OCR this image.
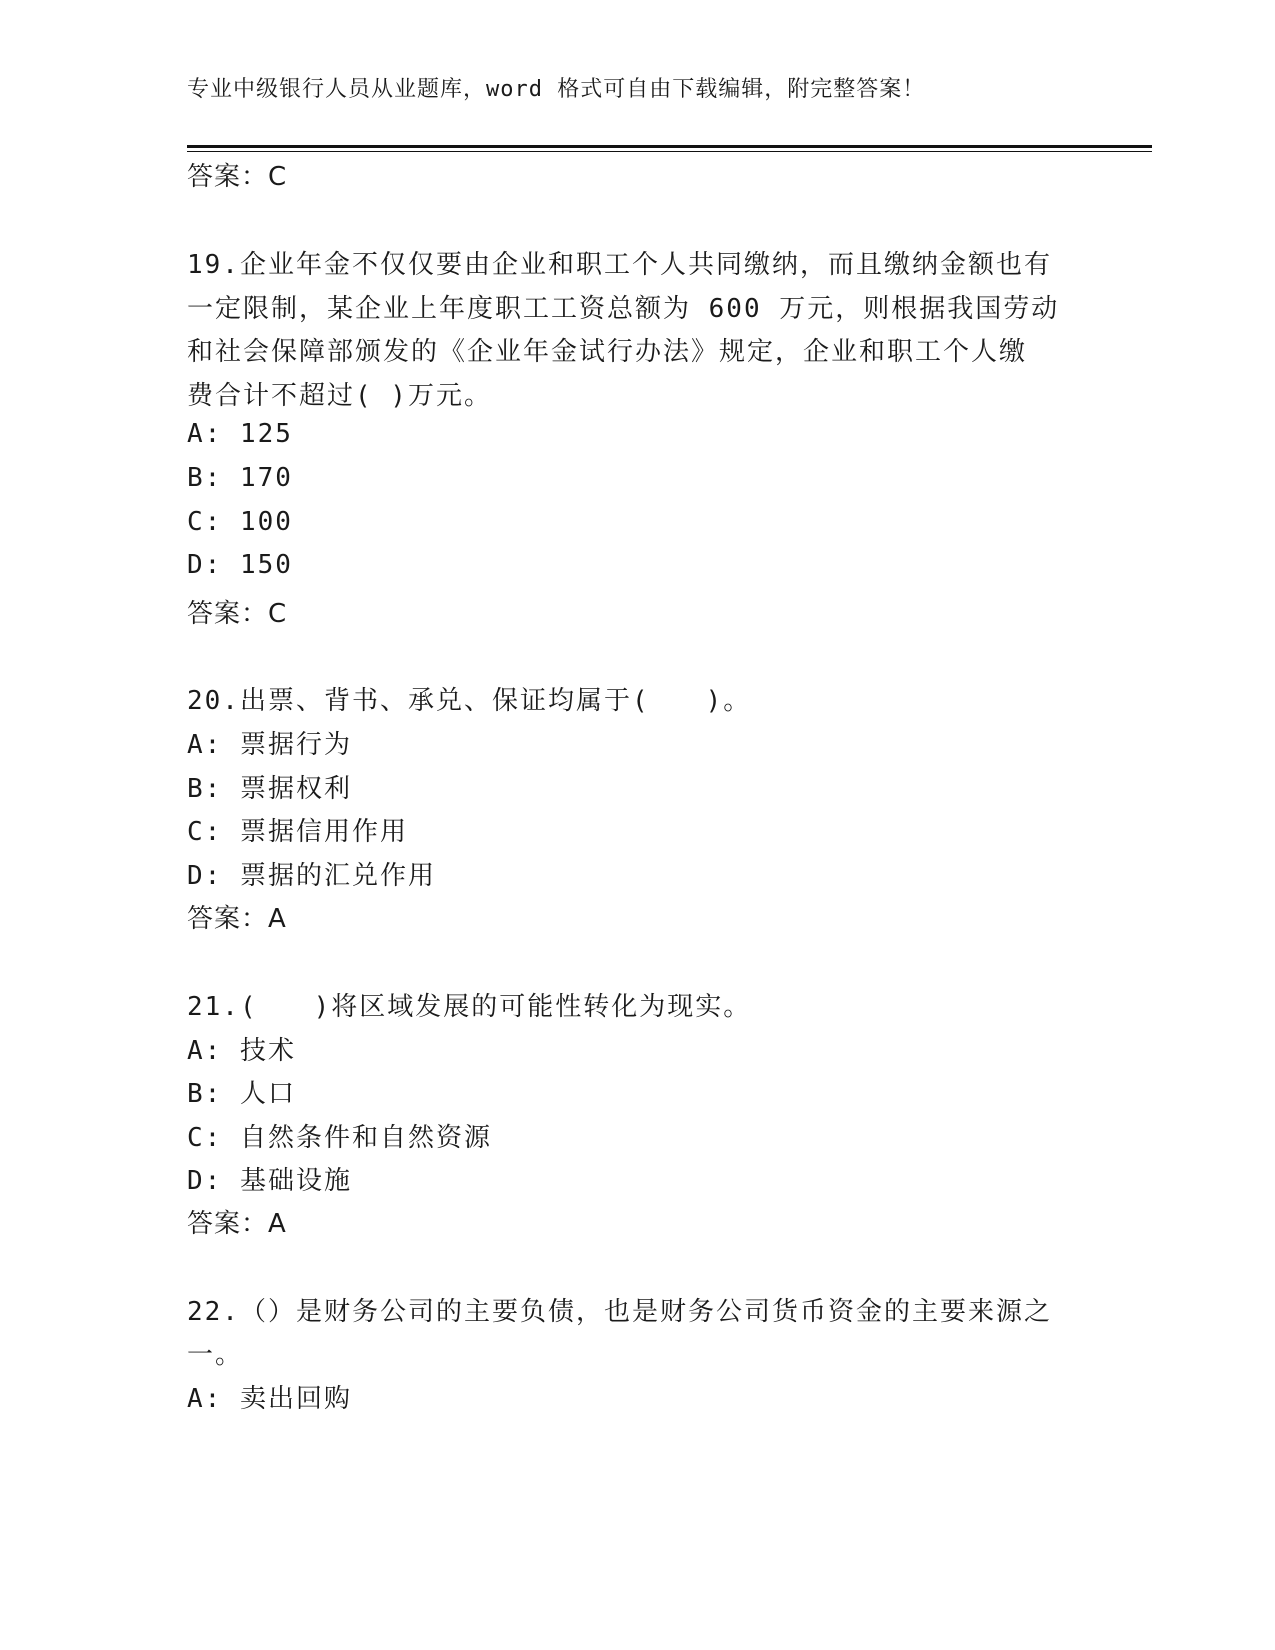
专业中级银行人员从业题库，word 格式可自由下载编辑，附完整答案！
答案：C
19.企业年金不仅仅要由企业和职工个人共同缴纳，而且缴纳金额也有
一定限制，某企业上年度职工工资总额为 600 万元，则根据我国劳动
和社会保障部颁发的《企业年金试行办法》规定，企业和职工个人缴
费合计不超过( )万元。
A: 125
B: 170
C: 100
D: 150
答案：C
20.出票、背书、承兑、保证均属于(　　)。
A: 票据行为
B: 票据权利
C: 票据信用作用
D: 票据的汇兑作用
答案：A
21.(　　)将区域发展的可能性转化为现实。
A: 技术
B: 人口
C: 自然条件和自然资源
D: 基础设施
答案：A
22.（）是财务公司的主要负债，也是财务公司货币资金的主要来源之
一。
A: 卖出回购
